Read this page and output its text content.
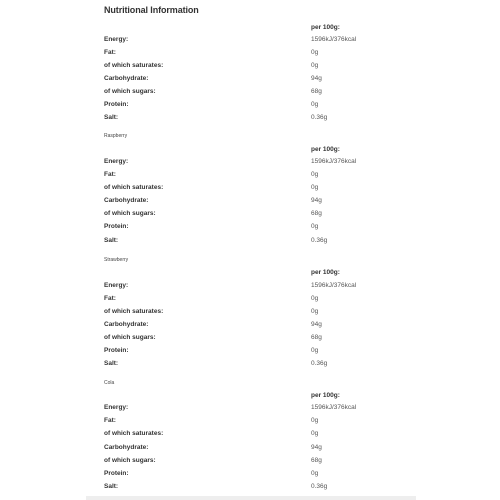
Nutritional Information
per 100g:
Energy:	1596kJ/376kcal
Fat:	0g
of which saturates:	0g
Carbohydrate:	94g
of which sugars:	68g
Protein:	0g
Salt:	0.36g
Raspberry
per 100g:
Energy:	1596kJ/376kcal
Fat:	0g
of which saturates:	0g
Carbohydrate:	94g
of which sugars:	68g
Protein:	0g
Salt:	0.36g
Strawberry
per 100g:
Energy:	1596kJ/376kcal
Fat:	0g
of which saturates:	0g
Carbohydrate:	94g
of which sugars:	68g
Protein:	0g
Salt:	0.36g
Cola
per 100g:
Energy:	1596kJ/376kcal
Fat:	0g
of which saturates:	0g
Carbohydrate:	94g
of which sugars:	68g
Protein:	0g
Salt:	0.36g
